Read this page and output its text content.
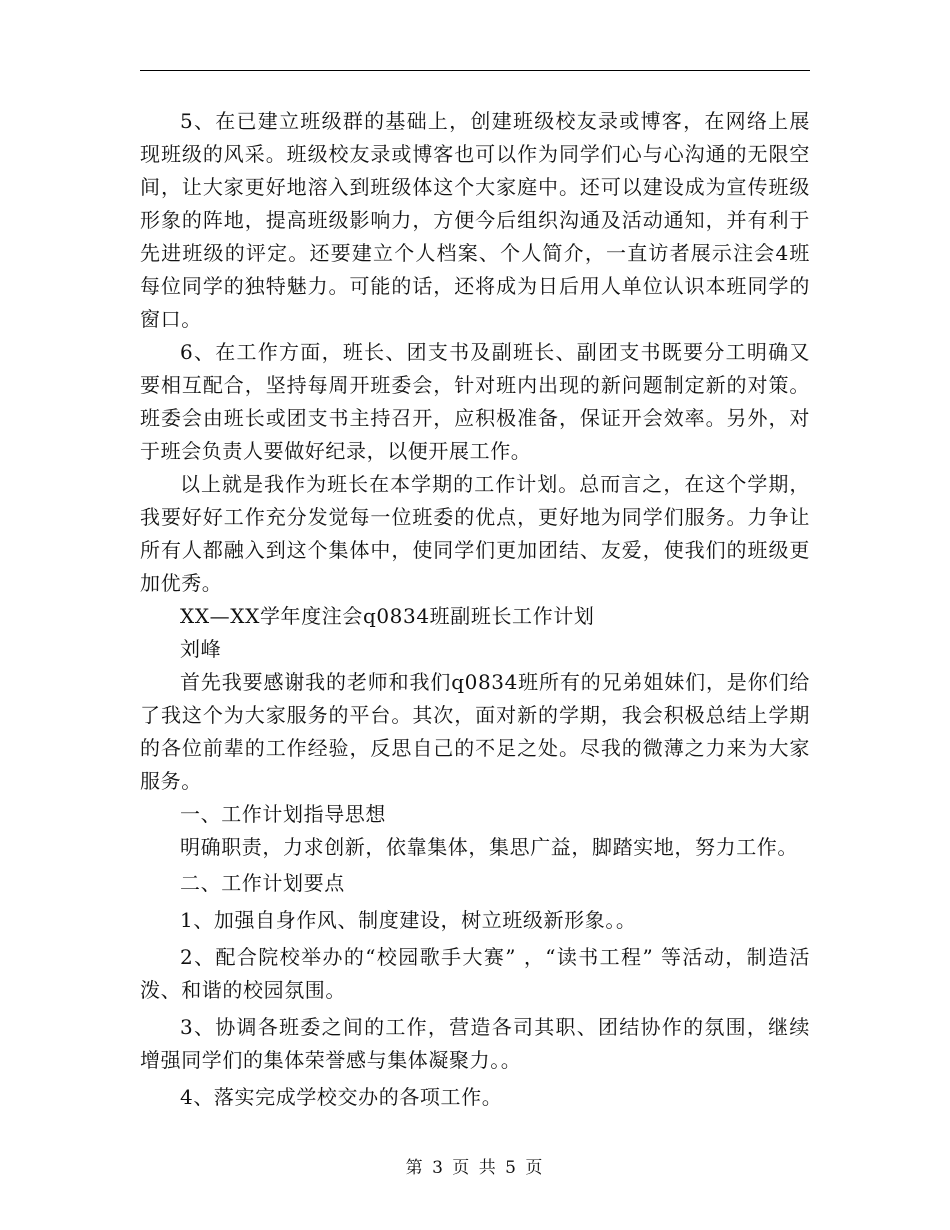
5、在已建立班级群的基础上，创建班级校友录或博客，在网络上展现班级的风采。班级校友录或博客也可以作为同学们心与心沟通的无限空间，让大家更好地溶入到班级体这个大家庭中。还可以建设成为宣传班级形象的阵地，提高班级影响力，方便今后组织沟通及活动通知，并有利于先进班级的评定。还要建立个人档案、个人简介，一直访者展示注会4班每位同学的独特魅力。可能的话，还将成为日后用人单位认识本班同学的窗口。

6、在工作方面，班长、团支书及副班长、副团支书既要分工明确又要相互配合，坚持每周开班委会，针对班内出现的新问题制定新的对策。班委会由班长或团支书主持召开，应积极准备，保证开会效率。另外，对于班会负责人要做好纪录，以便开展工作。

以上就是我作为班长在本学期的工作计划。总而言之，在这个学期，我要好好工作充分发觉每一位班委的优点，更好地为同学们服务。力争让所有人都融入到这个集体中，使同学们更加团结、友爱，使我们的班级更加优秀。

XX—XX学年度注会q0834班副班长工作计划

刘峰

首先我要感谢我的老师和我们q0834班所有的兄弟姐妹们，是你们给了我这个为大家服务的平台。其次，面对新的学期，我会积极总结上学期的各位前辈的工作经验，反思自己的不足之处。尽我的微薄之力来为大家服务。

一、工作计划指导思想

明确职责，力求创新，依靠集体，集思广益，脚踏实地，努力工作。

二、工作计划要点

1、加强自身作风、制度建设，树立班级新形象。。

2、配合院校举办的“校园歌手大赛” ，“读书工程” 等活动，制造活泼、和谐的校园氛围。

3、协调各班委之间的工作，营造各司其职、团结协作的氛围，继续增强同学们的集体荣誉感与集体凝聚力。。

4、落实完成学校交办的各项工作。

第 3 页 共 5 页
